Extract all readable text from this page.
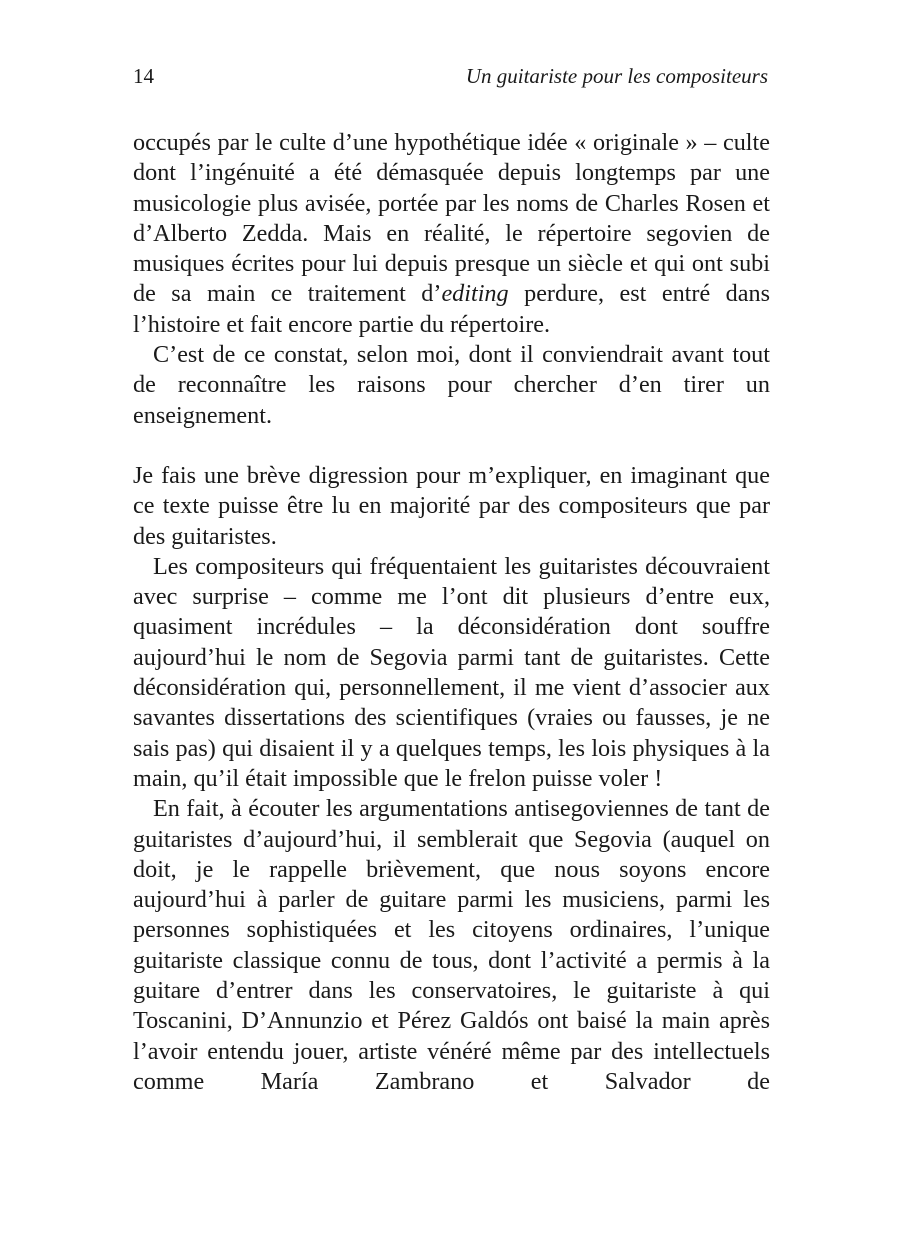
14	Un guitariste pour les compositeurs

occupés par le culte d’une hypothétique idée « originale » – culte dont l’ingénuité a été démasquée depuis longtemps par une musicologie plus avisée, portée par les noms de Charles Rosen et d’Alberto Zedda. Mais en réalité, le répertoire segovien de musiques écrites pour lui depuis presque un siècle et qui ont subi de sa main ce traitement d’editing perdure, est entré dans l’histoire et fait encore partie du répertoire.

C’est de ce constat, selon moi, dont il conviendrait avant tout de reconnaître les raisons pour chercher d’en tirer un enseignement.

Je fais une brève digression pour m’expliquer, en imaginant que ce texte puisse être lu en majorité par des compositeurs que par des guitaristes.

Les compositeurs qui fréquentaient les guitaristes découvraient avec surprise – comme me l’ont dit plusieurs d’entre eux, quasiment incrédules – la déconsidération dont souffre aujourd’hui le nom de Segovia parmi tant de guitaristes. Cette déconsidération qui, personnellement, il me vient d’associer aux savantes dissertations des scientifiques (vraies ou fausses, je ne sais pas) qui disaient il y a quelques temps, les lois physiques à la main, qu’il était impossible que le frelon puisse voler !

En fait, à écouter les argumentations antisegoviennes de tant de guitaristes d’aujourd’hui, il semblerait que Segovia (auquel on doit, je le rappelle brièvement, que nous soyons encore aujourd’hui à parler de guitare parmi les musiciens, parmi les personnes sophistiquées et les citoyens ordinaires, l’unique guitariste classique connu de tous, dont l’activité a permis à la guitare d’entrer dans les conservatoires, le guitariste à qui Toscanini, D’Annunzio et Pérez Galdós ont baisé la main après l’avoir entendu jouer, artiste vénéré même par des intellectuels comme María Zambrano et Salvador de
